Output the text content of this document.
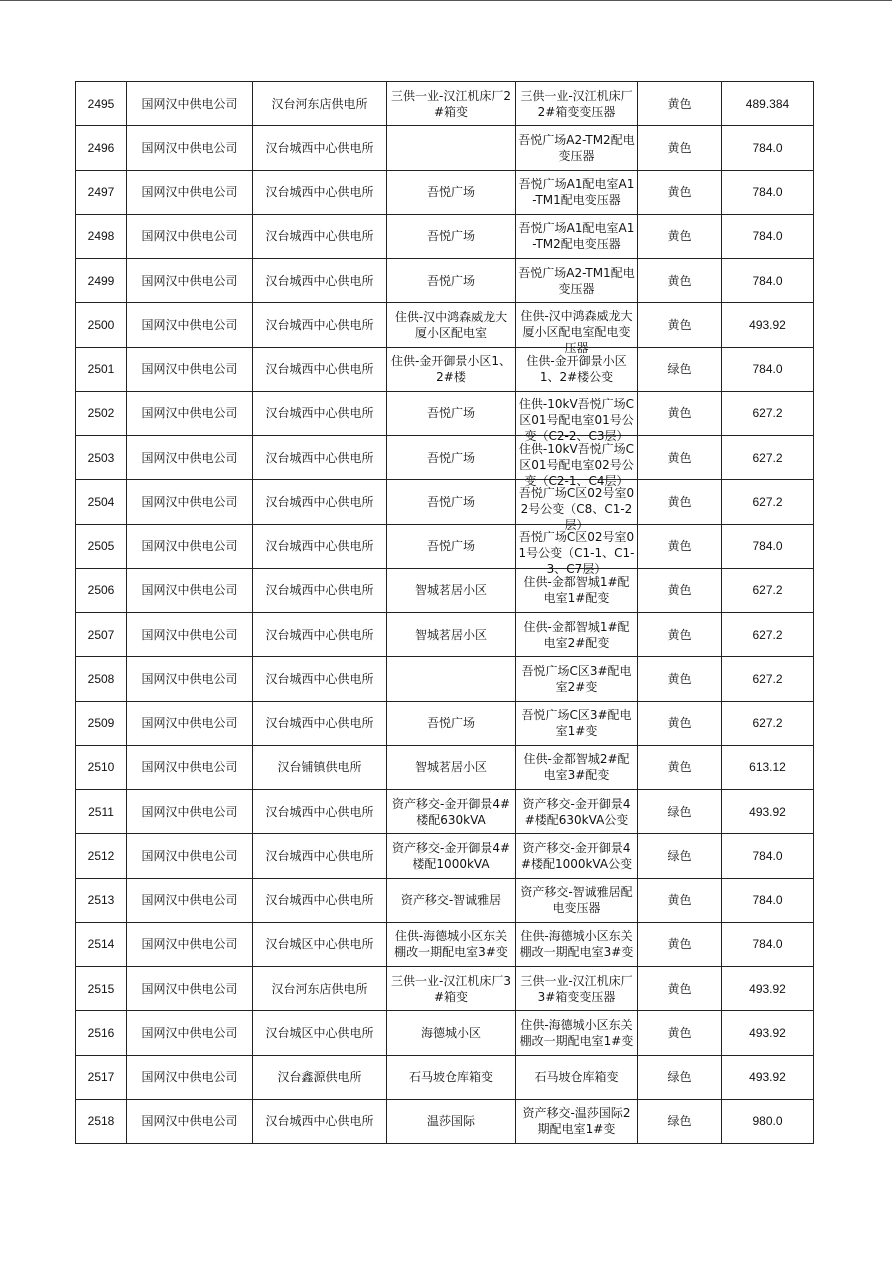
2495	国网汉中供电公司	汉台河东店供电所	三供一业-汉江机床厂2#箱变	三供一业-汉江机床厂2#箱变变压器	黄色	489.384
2496	国网汉中供电公司	汉台城西中心供电所		吾悦广场A2-TM2配电变压器	黄色	784.0
2497	国网汉中供电公司	汉台城西中心供电所	吾悦广场	吾悦广场A1配电室A1-TM1配电变压器	黄色	784.0
2498	国网汉中供电公司	汉台城西中心供电所	吾悦广场	吾悦广场A1配电室A1-TM2配电变压器	黄色	784.0
2499	国网汉中供电公司	汉台城西中心供电所	吾悦广场	吾悦广场A2-TM1配电变压器	黄色	784.0
2500	国网汉中供电公司	汉台城西中心供电所	住供-汉中鸿森威龙大厦小区配电室	住供-汉中鸿森威龙大厦小区配电室配电变压器	黄色	493.92
2501	国网汉中供电公司	汉台城西中心供电所	住供-金开御景小区1、2#楼	住供-金开御景小区1、2#楼公变	绿色	784.0
2502	国网汉中供电公司	汉台城西中心供电所	吾悦广场	住供-10kV吾悦广场C区01号配电室01号公变（C2-2、C3层）	黄色	627.2
2503	国网汉中供电公司	汉台城西中心供电所	吾悦广场	住供-10kV吾悦广场C区01号配电室02号公变（C2-1、C4层）	黄色	627.2
2504	国网汉中供电公司	汉台城西中心供电所	吾悦广场	吾悦广场C区02号室02号公变（C8、C1-2层）	黄色	627.2
2505	国网汉中供电公司	汉台城西中心供电所	吾悦广场	吾悦广场C区02号室01号公变（C1-1、C1-3、C7层）	黄色	784.0
2506	国网汉中供电公司	汉台城西中心供电所	智城茗居小区	住供-金都智城1#配电室1#配变	黄色	627.2
2507	国网汉中供电公司	汉台城西中心供电所	智城茗居小区	住供-金都智城1#配电室2#配变	黄色	627.2
2508	国网汉中供电公司	汉台城西中心供电所		吾悦广场C区3#配电室2#变	黄色	627.2
2509	国网汉中供电公司	汉台城西中心供电所	吾悦广场	吾悦广场C区3#配电室1#变	黄色	627.2
2510	国网汉中供电公司	汉台铺镇供电所	智城茗居小区	住供-金都智城2#配电室3#配变	黄色	613.12
2511	国网汉中供电公司	汉台城西中心供电所	资产移交-金开御景4#楼配630kVA	资产移交-金开御景4#楼配630kVA公变	绿色	493.92
2512	国网汉中供电公司	汉台城西中心供电所	资产移交-金开御景4#楼配1000kVA	资产移交-金开御景4#楼配1000kVA公变	绿色	784.0
2513	国网汉中供电公司	汉台城西中心供电所	资产移交-智诚雅居	资产移交-智诚雅居配电变压器	黄色	784.0
2514	国网汉中供电公司	汉台城区中心供电所	住供-海德城小区东关棚改一期配电室3#变	住供-海德城小区东关棚改一期配电室3#变	黄色	784.0
2515	国网汉中供电公司	汉台河东店供电所	三供一业-汉江机床厂3#箱变	三供一业-汉江机床厂3#箱变变压器	黄色	493.92
2516	国网汉中供电公司	汉台城区中心供电所	海德城小区	住供-海德城小区东关棚改一期配电室1#变	黄色	493.92
2517	国网汉中供电公司	汉台鑫源供电所	石马坡仓库箱变	石马坡仓库箱变	绿色	493.92
2518	国网汉中供电公司	汉台城西中心供电所	温莎国际	资产移交-温莎国际2期配电室1#变	绿色	980.0
